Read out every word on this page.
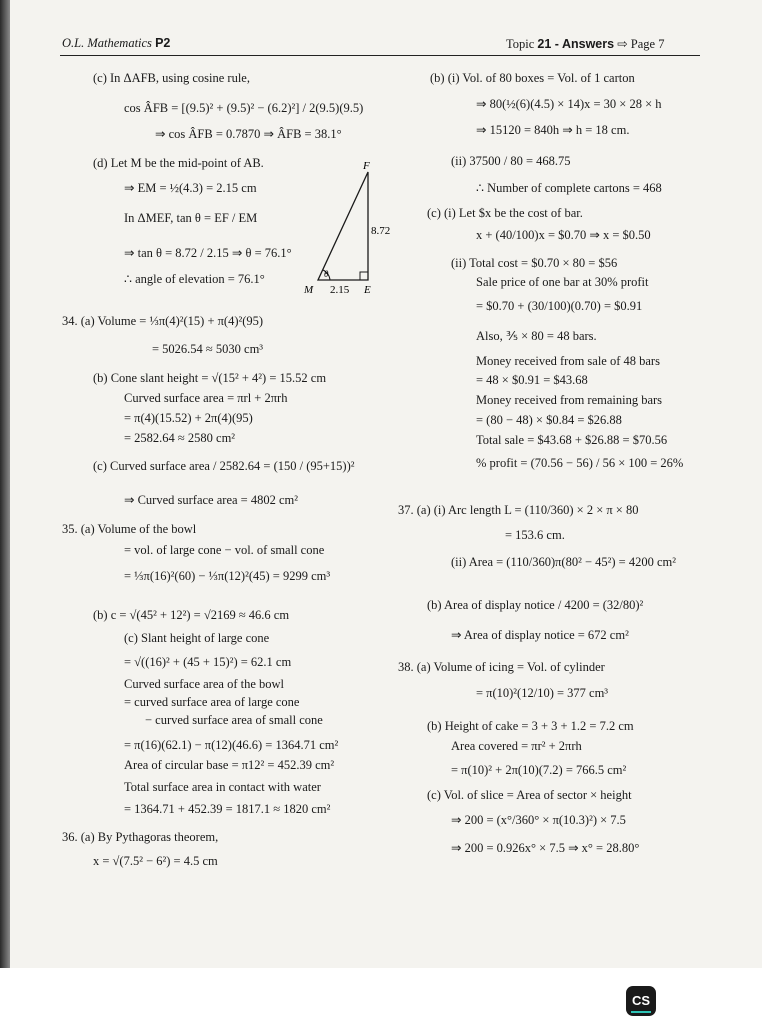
O.L. Mathematics P2	Topic 21 - Answers ⇨ Page 7
(c) In ΔAFB, using cosine rule,
cos ÂFB = [(9.5)² + (9.5)² − (6.2)²] / 2(9.5)(9.5)
⇒ cos ÂFB = 0.7870 ⇒ ÂFB = 38.1°
(d) Let M be the mid-point of AB.
⇒ EM = ½(4.3) = 2.15 cm
In ΔMEF, tan θ = EF / EM
⇒ tan θ = 8.72 / 2.15 ⇒ θ = 76.1°
∴ angle of elevation = 76.1°
34. (a) Volume = ⅓π(4)²(15) + π(4)²(95)
= 5026.54 ≈ 5030 cm³
(b) Cone slant height = √(15² + 4²) = 15.52 cm
Curved surface area = πrl + 2πrh
= π(4)(15.52) + 2π(4)(95)
= 2582.64 ≈ 2580 cm²
(c) Curved surface area / 2582.64 = (150 / (95+15))²
⇒ Curved surface area = 4802 cm²
35. (a) Volume of the bowl
= vol. of large cone − vol. of small cone
= ⅓π(16)²(60) − ⅓π(12)²(45) = 9299 cm³
(b) c = √(45² + 12²) = √2169 ≈ 46.6 cm
(c) Slant height of large cone
= √((16)² + (45 + 15)²) = 62.1 cm
Curved surface area of the bowl
= curved surface area of large cone
− curved surface area of small cone
= π(16)(62.1) − π(12)(46.6) = 1364.71 cm²
Area of circular base = π12² = 452.39 cm²
Total surface area in contact with water
= 1364.71 + 452.39 = 1817.1 ≈ 1820 cm²
36. (a) By Pythagoras theorem,
x = √(7.5² − 6²) = 4.5 cm
(b) (i) Vol. of 80 boxes = Vol. of 1 carton
⇒ 80(½(6)(4.5) × 14)x = 30 × 28 × h
⇒ 15120 = 840h ⇒ h = 18 cm.
(ii) 37500 / 80 = 468.75
∴ Number of complete cartons = 468
(c) (i) Let $x be the cost of bar.
x + (40/100)x = $0.70 ⇒ x = $0.50
(ii) Total cost = $0.70 × 80 = $56
Sale price of one bar at 30% profit
= $0.70 + (30/100)(0.70) = $0.91
Also, ⅗ × 80 = 48 bars.
Money received from sale of 48 bars
= 48 × $0.91 = $43.68
Money received from remaining bars
= (80 − 48) × $0.84 = $26.88
Total sale = $43.68 + $26.88 = $70.56
% profit = (70.56 − 56) / 56 × 100 = 26%
37. (a) (i) Arc length L = (110/360) × 2 × π × 80
= 153.6 cm.
(ii) Area = (110/360)π(80² − 45²) = 4200 cm²
(b) Area of display notice / 4200 = (32/80)²
⇒ Area of display notice = 672 cm²
38. (a) Volume of icing = Vol. of cylinder
= π(10)²(12/10) = 377 cm³
(b) Height of cake = 3 + 3 + 1.2 = 7.2 cm
Area covered = πr² + 2πrh
= π(10)² + 2π(10)(7.2) = 766.5 cm²
(c) Vol. of slice = Area of sector × height
⇒ 200 = (x°/360° × π(10.3)²) × 7.5
⇒ 200 = 0.926x° × 7.5 ⇒ x° = 28.80°
F
M	E
8.72
2.15
θ
CS
